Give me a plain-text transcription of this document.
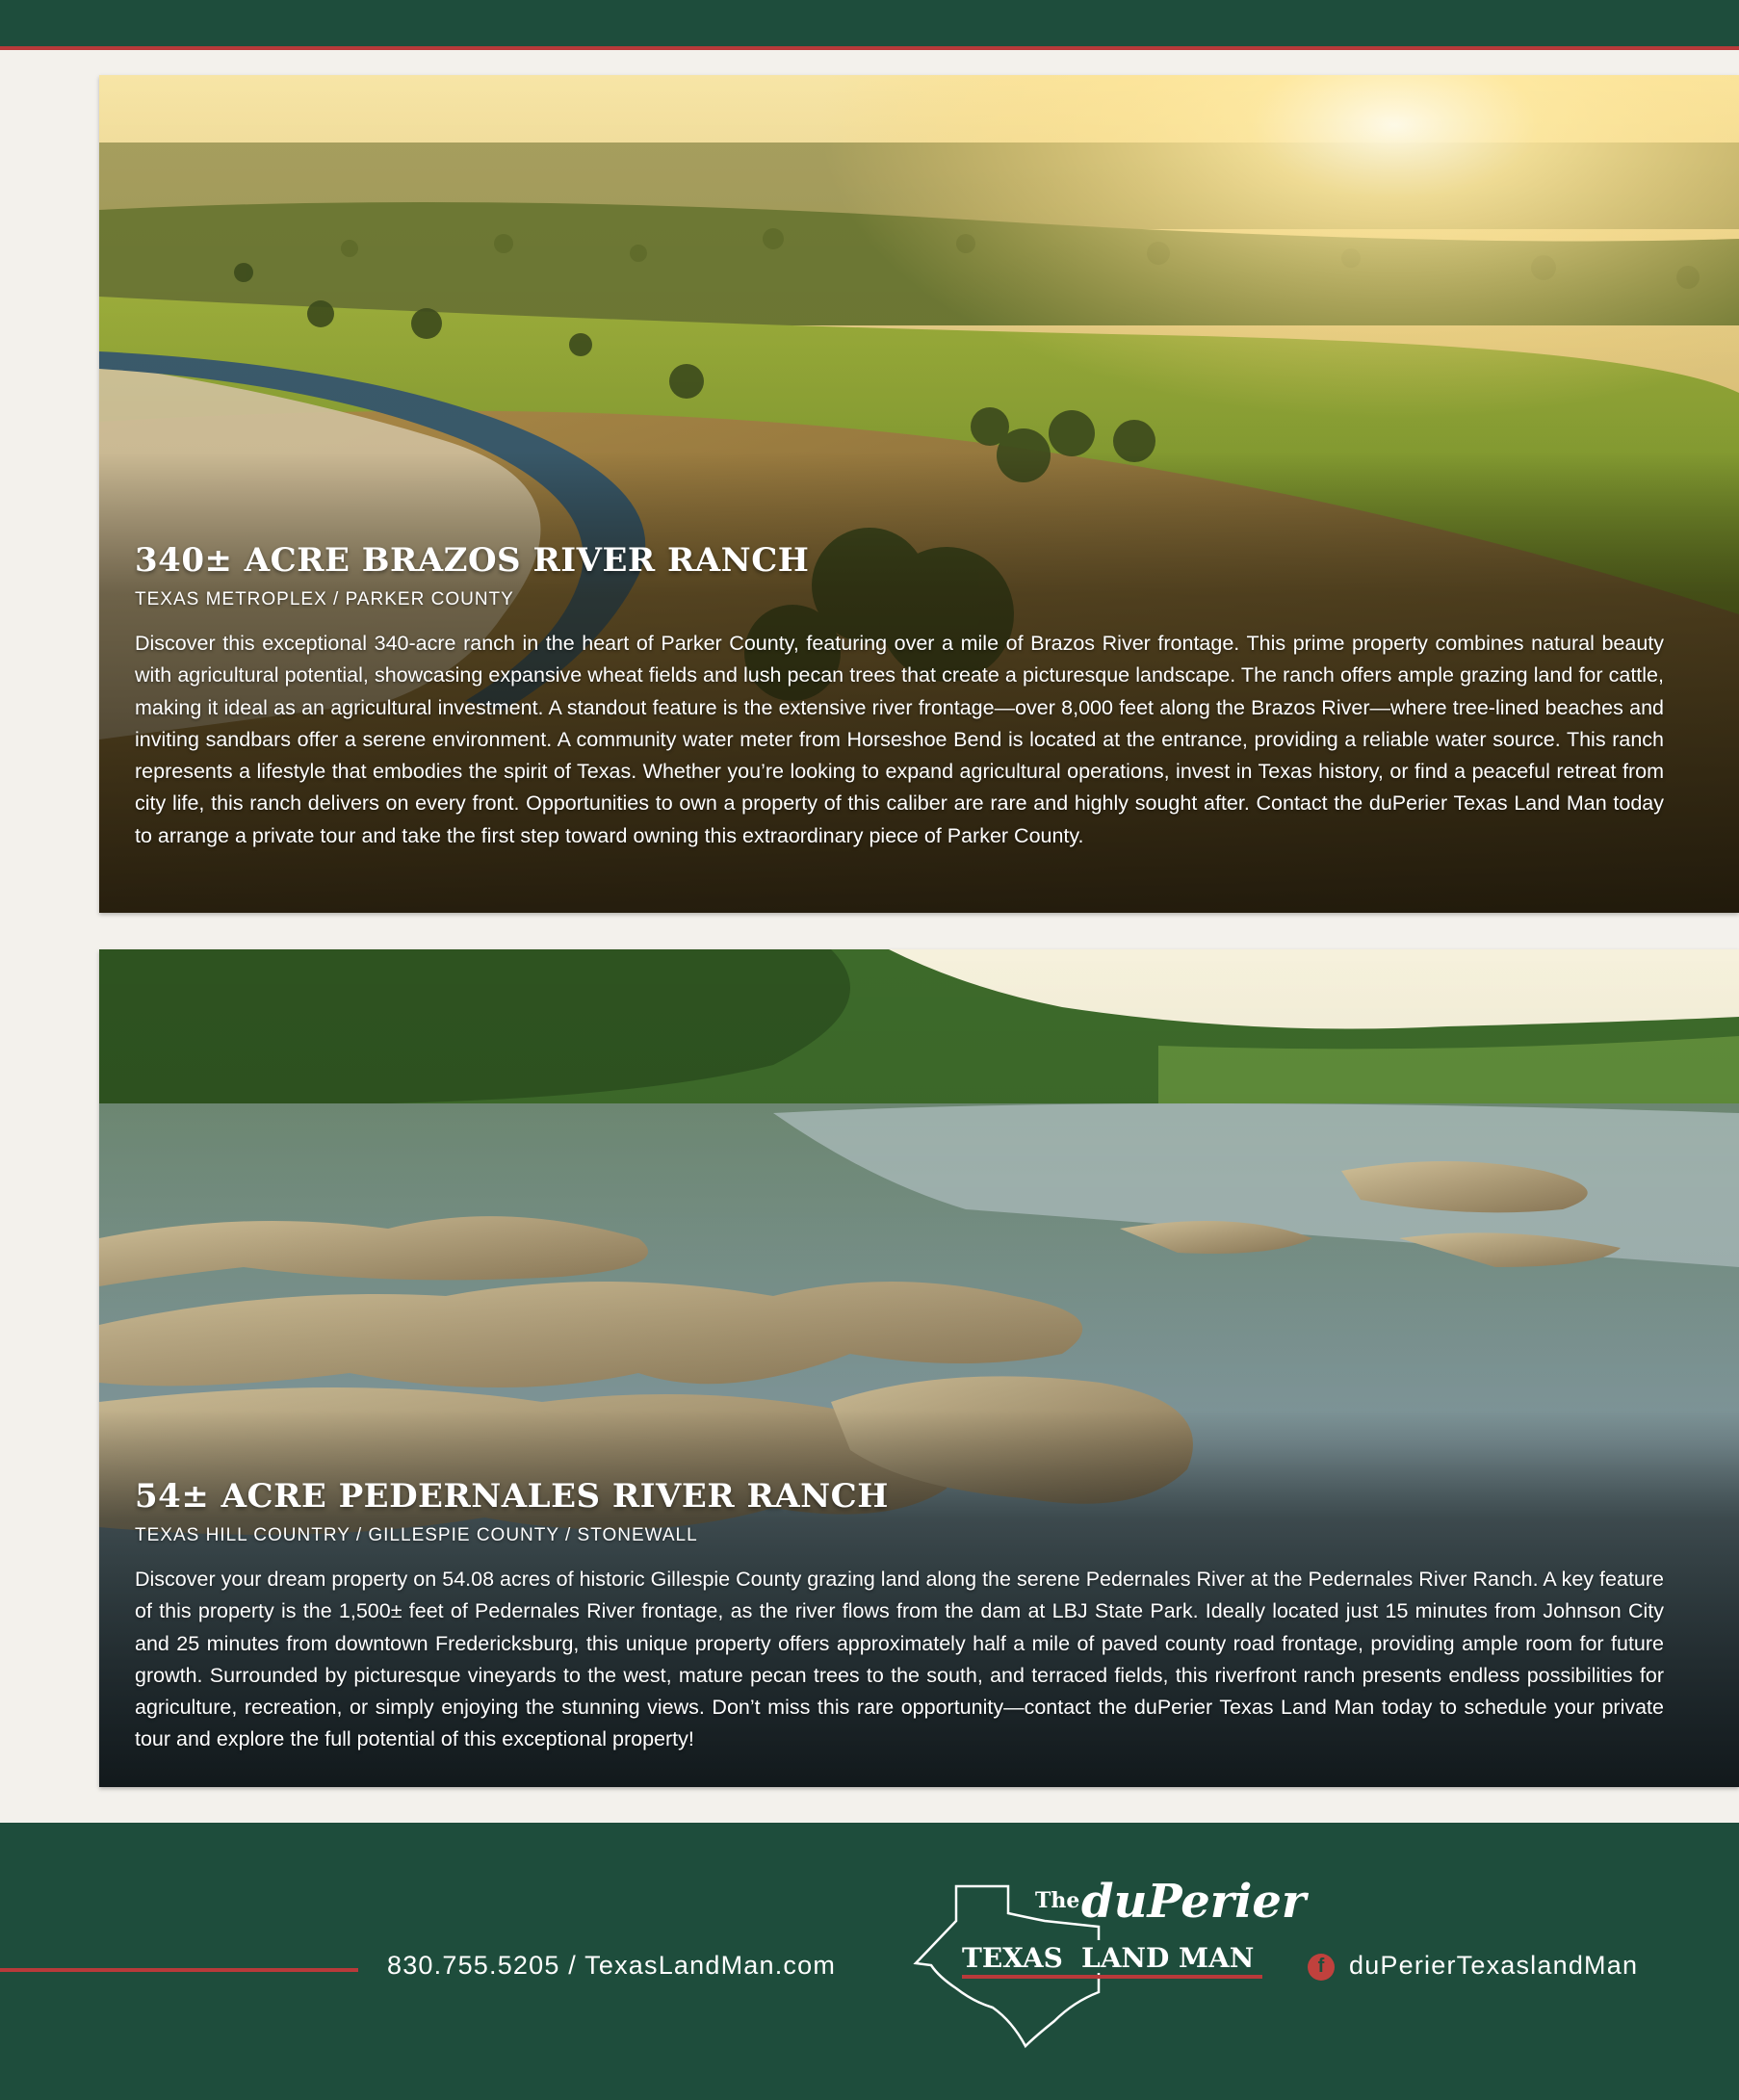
340± ACRE BRAZOS RIVER RANCH
TEXAS METROPLEX / PARKER COUNTY

Discover this exceptional 340-acre ranch in the heart of Parker County, featuring over a mile of Brazos River frontage. This prime property combines natural beauty with agricultural potential, showcasing expansive wheat fields and lush pecan trees that create a picturesque landscape. The ranch offers ample grazing land for cattle, making it ideal as an agricultural investment. A standout feature is the extensive river frontage—over 8,000 feet along the Brazos River—where tree-lined beaches and inviting sandbars offer a serene environment. A community water meter from Horseshoe Bend is located at the entrance, providing a reliable water source. This ranch represents a lifestyle that embodies the spirit of Texas. Whether you’re looking to expand agricultural operations, invest in Texas history, or find a peaceful retreat from city life, this ranch delivers on every front. Opportunities to own a property of this caliber are rare and highly sought after. Contact the duPerier Texas Land Man today to arrange a private tour and take the first step toward owning this extraordinary piece of Parker County.

54± ACRE PEDERNALES RIVER RANCH
TEXAS HILL COUNTRY / GILLESPIE COUNTY / STONEWALL

Discover your dream property on 54.08 acres of historic Gillespie County grazing land along the serene Pedernales River at the Pedernales River Ranch. A key feature of this property is the 1,500± feet of Pedernales River frontage, as the river flows from the dam at LBJ State Park. Ideally located just 15 minutes from Johnson City and 25 minutes from downtown Fredericksburg, this unique property offers approximately half a mile of paved county road frontage, providing ample room for future growth. Surrounded by picturesque vineyards to the west, mature pecan trees to the south, and terraced fields, this riverfront ranch presents endless possibilities for agriculture, recreation, or simply enjoying the stunning views. Don’t miss this rare opportunity—contact the duPerier Texas Land Man today to schedule your private tour and explore the full potential of this exceptional property!

830.755.5205 / TexasLandMan.com
The duPerier
TEXAS LAND MAN	f duPerierTexaslandMan
